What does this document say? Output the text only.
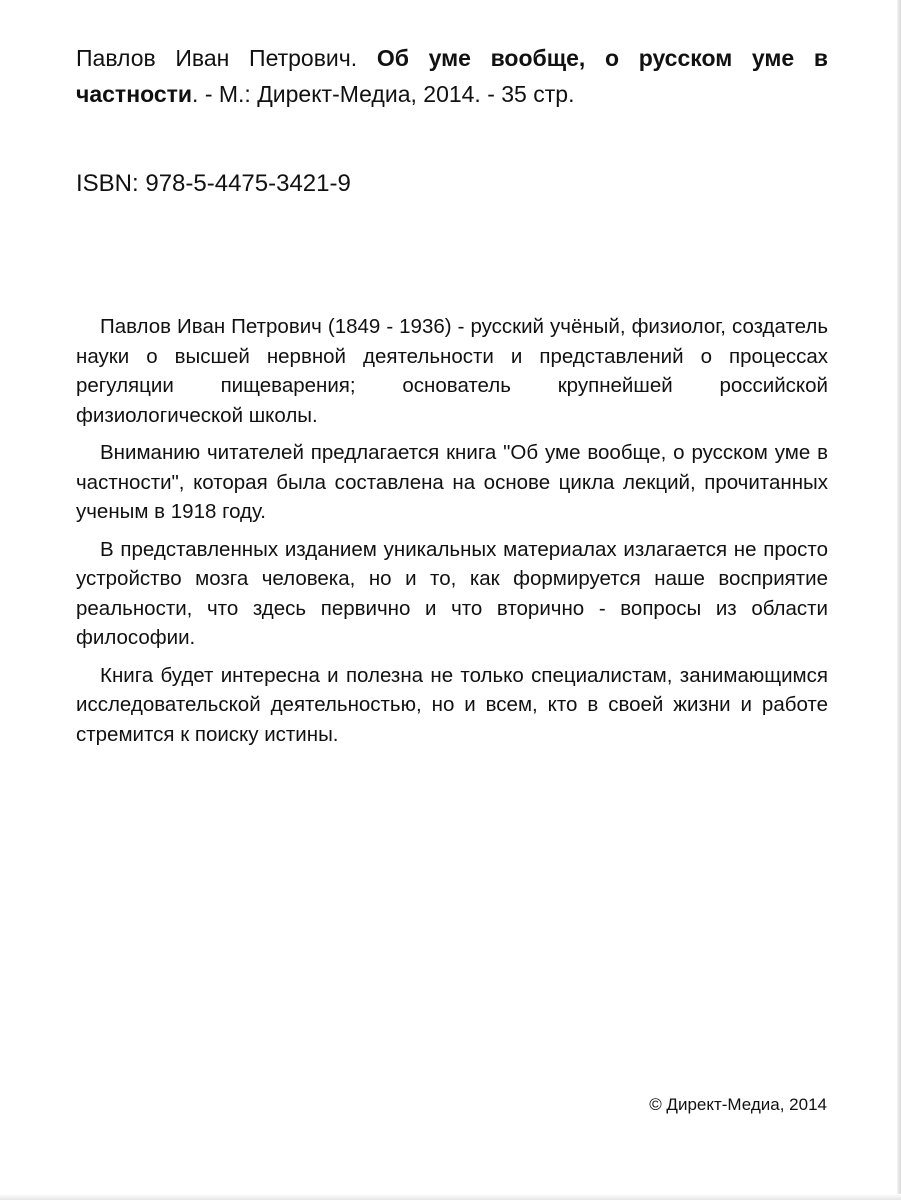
Павлов Иван Петрович. Об уме вообще, о русском уме в частности. - М.: Директ-Медиа, 2014. - 35 стр.
ISBN: 978-5-4475-3421-9

Павлов Иван Петрович (1849 - 1936) - русский учёный, физиолог, создатель науки о высшей нервной деятельности и представлений о процессах регуляции пищеварения; основатель крупнейшей российской физиологической школы.

Вниманию читателей предлагается книга "Об уме вообще, о русском уме в частности", которая была составлена на основе цикла лекций, прочитанных ученым в 1918 году.

В представленных изданием уникальных материалах излагается не просто устройство мозга человека, но и то, как формируется наше восприятие реальности, что здесь первично и что вторично - вопросы из области философии.

Книга будет интересна и полезна не только специалистам, занимающимся исследовательской деятельностью, но и всем, кто в своей жизни и работе стремится к поиску истины.

© Директ-Медиа, 2014
